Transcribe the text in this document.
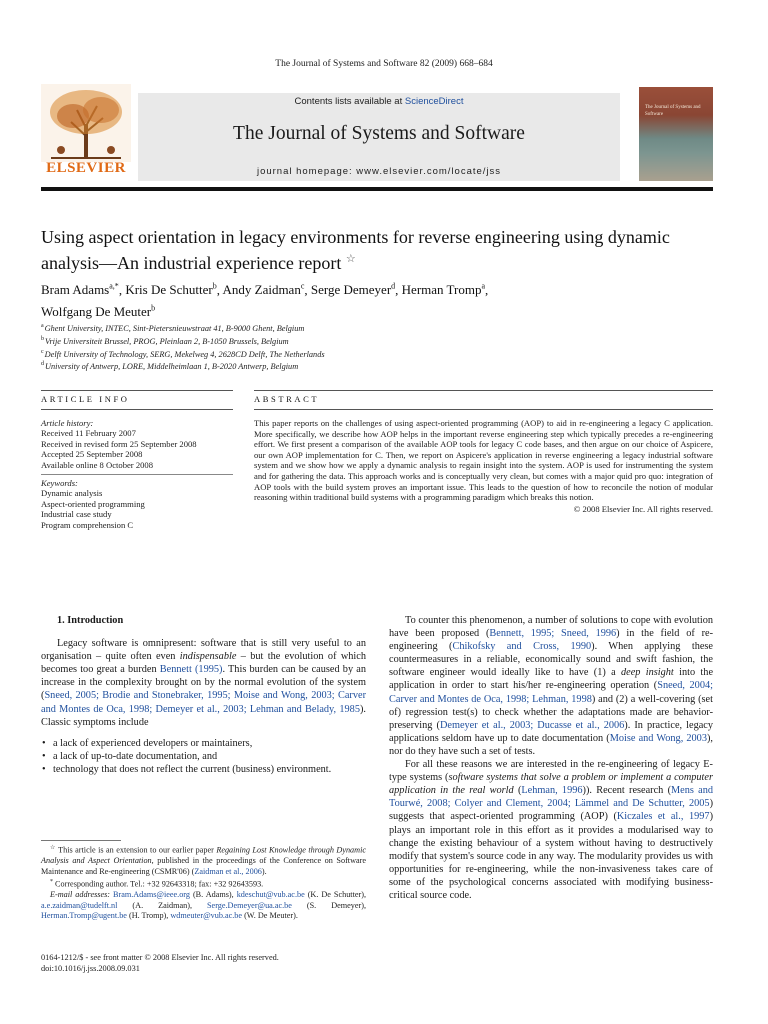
The Journal of Systems and Software 82 (2009) 668–684
ELSEVIER
Contents lists available at ScienceDirect
The Journal of Systems and Software
journal homepage: www.elsevier.com/locate/jss
The Journal of Systems and Software
Using aspect orientation in legacy environments for reverse engineering using dynamic analysis—An industrial experience report ☆
Bram Adams$^{a,*}$, Kris De Schutter$^b$, Andy Zaidman$^c$, Serge Demeyer$^d$, Herman Tromp$^a$,
Wolfgang De Meuter$^b$
$^a$Ghent University, INTEC, Sint-Pietersnieuwstraat 41, B-9000 Ghent, Belgium
$^b$Vrije Universiteit Brussel, PROG, Pleinlaan 2, B-1050 Brussels, Belgium
$^c$Delft University of Technology, SERG, Mekelweg 4, 2628CD Delft, The Netherlands
$^d$University of Antwerp, LORE, Middelheimlaan 1, B-2020 Antwerp, Belgium
ARTICLE INFO	ABSTRACT
Article history:
Received 11 February 2007
Received in revised form 25 September 2008
Accepted 25 September 2008
Available online 8 October 2008
Keywords:
Dynamic analysis
Aspect-oriented programming
Industrial case study
Program comprehension C
This paper reports on the challenges of using aspect-oriented programming (AOP) to aid in re-engineering a legacy C application. More specifically, we describe how AOP helps in the important reverse engineering step which typically precedes a re-engineering effort. We first present a comparison of the available AOP tools for legacy C code bases, and then argue on our choice of Aspicere, our own AOP implementation for C. Then, we report on Aspicere's application in reverse engineering a legacy industrial software system and we show how we apply a dynamic analysis to regain insight into the system. AOP is used for instrumenting the system and for gathering the data. This approach works and is conceptually very clean, but comes with a major quid pro quo: integration of AOP tools with the build system proves an important issue. This leads to the question of how to reconcile the notion of modular reasoning within traditional build systems with a programming paradigm which breaks this notion.
© 2008 Elsevier Inc. All rights reserved.

1. Introduction

Legacy software is omnipresent: software that is still very useful to an organisation – quite often even indispensable – but the evolution of which becomes too great a burden Bennett (1995). This burden can be caused by an increase in the complexity brought on by the normal evolution of the system (Sneed, 2005; Brodie and Stonebraker, 1995; Moise and Wong, 2003; Carver and Montes de Oca, 1998; Demeyer et al., 2003; Lehman and Belady, 1985). Classic symptoms include

• a lack of experienced developers or maintainers,
• a lack of up-to-date documentation, and
• technology that does not reflect the current (business) environment.

☆ This article is an extension to our earlier paper Regaining Lost Knowledge through Dynamic Analysis and Aspect Orientation, published in the proceedings of the Conference on Software Maintenance and Re-engineering (CSMR'06) (Zaidman et al., 2006).

* Corresponding author. Tel.: +32 92643318; fax: +32 92643593.

E-mail addresses: Bram.Adams@ieee.org (B. Adams), kdeschut@vub.ac.be (K. De Schutter), a.e.zaidman@tudelft.nl (A. Zaidman), Serge.Demeyer@ua.ac.be (S. Demeyer), Herman.Tromp@ugent.be (H. Tromp), wdmeuter@vub.ac.be (W. De Meuter).

0164-1212/$ - see front matter © 2008 Elsevier Inc. All rights reserved.
doi:10.1016/j.jss.2008.09.031

To counter this phenomenon, a number of solutions to cope with evolution have been proposed (Bennett, 1995; Sneed, 1996) in the field of re-engineering (Chikofsky and Cross, 1990). When applying these countermeasures in a reliable, economically sound and swift fashion, the software engineer would ideally like to have (1) a deep insight into the application in order to start his/her re-engineering operation (Sneed, 2004; Carver and Montes de Oca, 1998; Lehman, 1998) and (2) a well-covering (set of) regression test(s) to check whether the adaptations made are behavior-preserving (Demeyer et al., 2003; Ducasse et al., 2006). In practice, legacy applications seldom have up to date documentation (Moise and Wong, 2003), nor do they have such a set of tests.

For all these reasons we are interested in the re-engineering of legacy E-type systems (software systems that solve a problem or implement a computer application in the real world (Lehman, 1996)). Recent research (Mens and Tourwé, 2008; Colyer and Clement, 2004; Lämmel and De Schutter, 2005) suggests that aspect-oriented programming (AOP) (Kiczales et al., 1997) plays an important role in this effort as it provides a modularised way to change the existing behaviour of a system without having to destructively modify that system's source code in any way. The modularity provides us with opportunities for re-engineering, while the non-invasiveness takes care of some of the psychological concerns associated with modifying business-critical source code.
